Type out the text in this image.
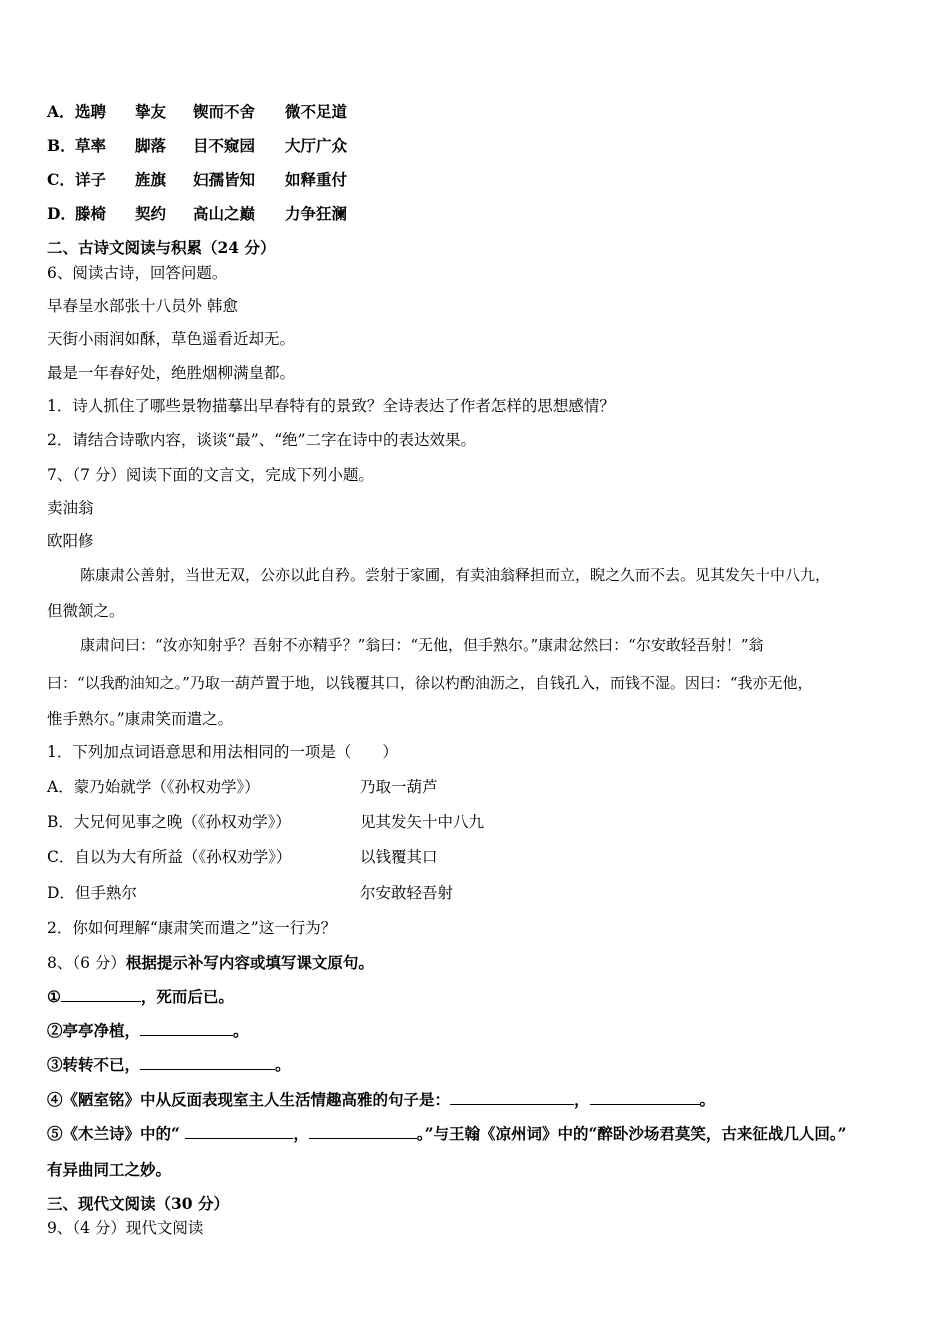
A．选聘 挚友 锲而不舍 微不足道
B．草率 脚落 目不窥园 大厅广众
C．详子 旌旗 妇孺皆知 如释重付
D．滕椅 契约 高山之巅 力争狂澜
二、古诗文阅读与积累（24 分）
6、阅读古诗，回答问题。
早春呈水部张十八员外 韩愈
天街小雨润如酥，草色遥看近却无。
最是一年春好处，绝胜烟柳满皇都。
1．诗人抓住了哪些景物描摹出早春特有的景致？全诗表达了作者怎样的思想感情？
2．请结合诗歌内容，谈谈“最”、“绝”二字在诗中的表达效果。
7、（7 分）阅读下面的文言文，完成下列小题。
卖油翁
欧阳修
陈康肃公善射，当世无双，公亦以此自矜。尝射于家圃，有卖油翁释担而立，睨之久而不去。见其发矢十中八九，
但微颔之。
康肃问曰：“汝亦知射乎？吾射不亦精乎？”翁曰：“无他，但手熟尔。”康肃忿然曰：“尔安敢轻吾射！”翁
曰：“以我酌油知之。”乃取一葫芦置于地，以钱覆其口，徐以杓酌油沥之，自钱孔入，而钱不湿。因曰：“我亦无他，
惟手熟尔。”康肃笑而遣之。
1．下列加点词语意思和用法相同的一项是（　　）
A．蒙乃始就学（《孙权劝学》）	乃取一葫芦
B．大兄何见事之晚（《孙权劝学》）	见其发矢十中八九
C．自以为大有所益（《孙权劝学》）	以钱覆其口
D．但手熟尔	尔安敢轻吾射
2．你如何理解“康肃笑而遣之”这一行为？
8、（6 分）根据提示补写内容或填写课文原句。
①	，死而后已。
②亭亭净植，	。
③转转不已，	。
④《陋室铭》中从反面表现室主人生活情趣高雅的句子是：	，	。
⑤《木兰诗》中的“	，	。”与王翰《凉州词》中的“醉卧沙场君莫笑，古来征战几人回。”
有异曲同工之妙。
三、现代文阅读（30 分）
9、（4 分）现代文阅读
